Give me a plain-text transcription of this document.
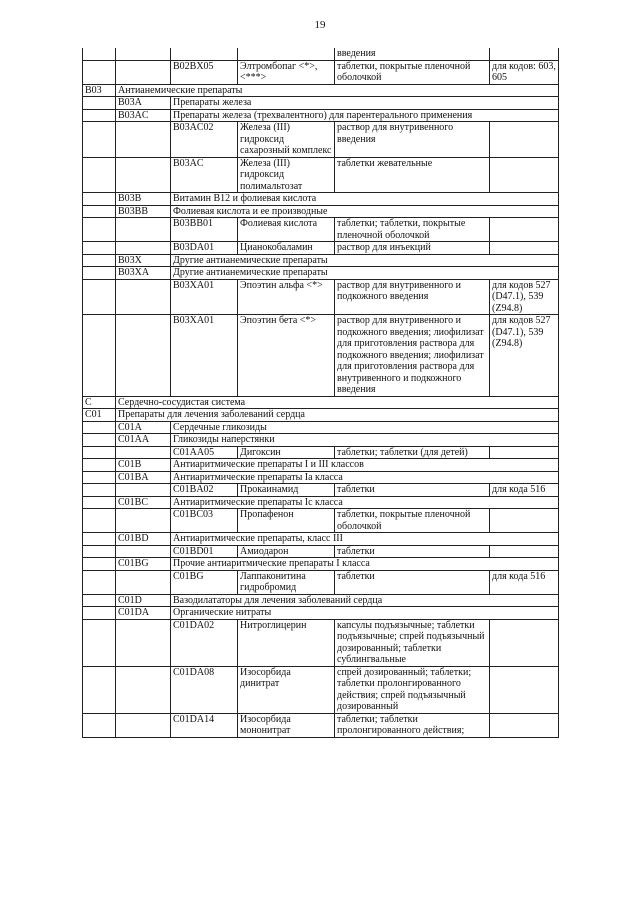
19
				введения	
		B02BX05	Элтромбопаг <*>, <***>	таблетки, покрытые пленочной оболочкой	для кодов: 603, 605
B03	Антианемические препараты				
	B03A	Препараты железа			
	B03AC	Препараты железа (трехвалентного) для парентерального применения			
		B03AC02	Железа (III) гидроксид сахарозный комплекс	раствор для внутривенного введения	
		B03AC	Железа (III) гидроксид полимальтозат	таблетки жевательные	
	B03B	Витамин B12 и фолиевая кислота			
	B03BB	Фолиевая кислота и ее производные			
		B03BB01	Фолиевая кислота	таблетки; таблетки, покрытые пленочной оболочкой	
		B03DA01	Цианокобаламин	раствор для инъекций	
	B03X	Другие антианемические препараты			
	B03XA	Другие антианемические препараты			
		B03XA01	Эпоэтин альфа <*>	раствор для внутривенного и подкожного введения	для кодов 527 (D47.1), 539 (Z94.8)
		B03XA01	Эпоэтин бета <*>	раствор для внутривенного и подкожного введения; лиофилизат для приготовления раствора для подкожного введения; лиофилизат для приготовления раствора для внутривенного и подкожного введения	для кодов 527 (D47.1), 539 (Z94.8)
C	Сердечно-сосудистая система				
C01	Препараты для лечения заболеваний сердца				
	C01A	Сердечные гликозиды			
	C01AA	Гликозиды наперстянки			
		C01AA05	Дигоксин	таблетки; таблетки (для детей)	
	C01B	Антиаритмические препараты I и III классов			
	C01BA	Антиаритмические препараты Ia класса			
		C01BA02	Прокаинамид	таблетки	для кода 516
	C01BC	Антиаритмические препараты Ic класса			
		C01BC03	Пропафенон	таблетки, покрытые пленочной оболочкой	
	C01BD	Антиаритмические препараты, класс III			
		C01BD01	Амиодарон	таблетки	
	C01BG	Прочие антиаритмические препараты I класса			
		C01BG	Лаппаконитина гидробромид	таблетки	для кода 516
	C01D	Вазодилататоры для лечения заболеваний сердца			
	C01DA	Органические нитраты			
		C01DA02	Нитроглицерин	капсулы подъязычные; таблетки подъязычные; спрей подъязычный дозированный; таблетки сублингвальные	
		C01DA08	Изосорбида динитрат	спрей дозированный; таблетки; таблетки пролонгированного действия; спрей подъязычный дозированный	
		C01DA14	Изосорбида мононитрат	таблетки; таблетки пролонгированного действия;	
